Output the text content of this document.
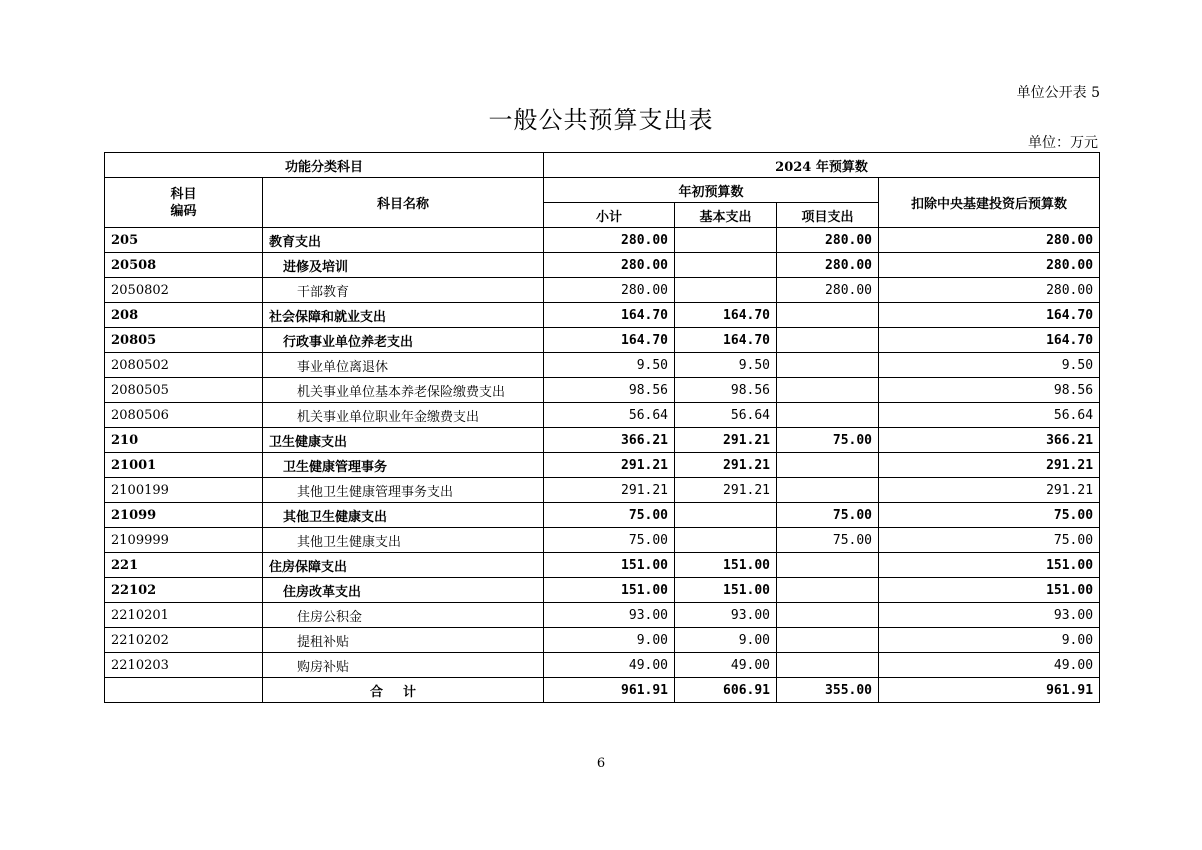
单位公开表 5
一般公共预算支出表
单位：万元
功能分类科目		2024 年预算数			
科目
编码	科目名称	年初预算数			扣除中央基建投资后预算数
		小计	基本支出	项目支出	
205	教育支出	280.00		280.00	280.00
20508	进修及培训	280.00		280.00	280.00
2050802	干部教育	280.00		280.00	280.00
208	社会保障和就业支出	164.70	164.70		164.70
20805	行政事业单位养老支出	164.70	164.70		164.70
2080502	事业单位离退休	9.50	9.50		9.50
2080505	机关事业单位基本养老保险缴费支出	98.56	98.56		98.56
2080506	机关事业单位职业年金缴费支出	56.64	56.64		56.64
210	卫生健康支出	366.21	291.21	75.00	366.21
21001	卫生健康管理事务	291.21	291.21		291.21
2100199	其他卫生健康管理事务支出	291.21	291.21		291.21
21099	其他卫生健康支出	75.00		75.00	75.00
2109999	其他卫生健康支出	75.00		75.00	75.00
221	住房保障支出	151.00	151.00		151.00
22102	住房改革支出	151.00	151.00		151.00
2210201	住房公积金	93.00	93.00		93.00
2210202	提租补贴	9.00	9.00		9.00
2210203	购房补贴	49.00	49.00		49.00
	合计	961.91	606.91	355.00	961.91
6
